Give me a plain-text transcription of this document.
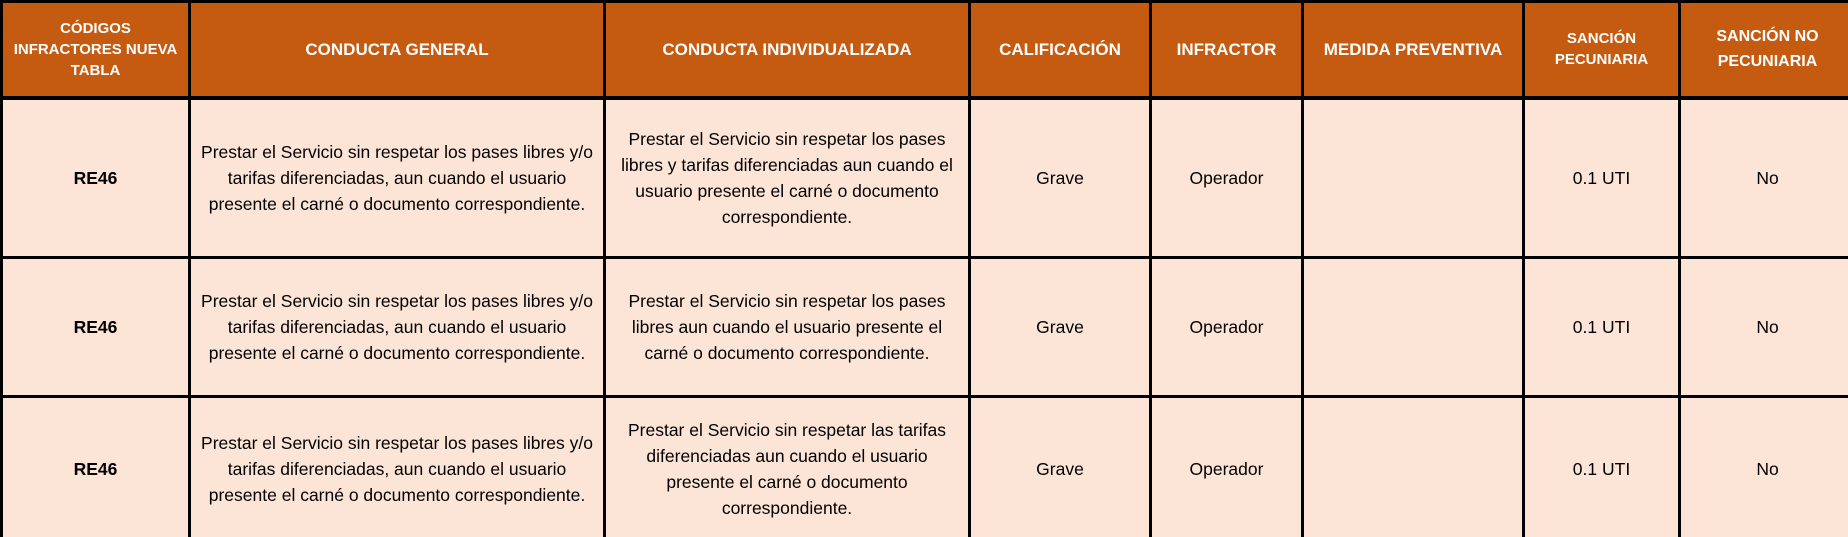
CÓDIGOS INFRACTORES NUEVA TABLA	CONDUCTA GENERAL	CONDUCTA INDIVIDUALIZADA	CALIFICACIÓN	INFRACTOR	MEDIDA PREVENTIVA	SANCIÓN PECUNIARIA	SANCIÓN NO PECUNIARIA
RE46	Prestar el Servicio sin respetar los pases libres y/o tarifas diferenciadas, aun cuando el usuario presente el carné o documento correspondiente.	Prestar el Servicio sin respetar los pases libres y tarifas diferenciadas aun cuando el usuario presente el carné o documento correspondiente.	Grave	Operador		0.1 UTI	No
RE46	Prestar el Servicio sin respetar los pases libres y/o tarifas diferenciadas, aun cuando el usuario presente el carné o documento correspondiente.	Prestar el Servicio sin respetar los pases libres aun cuando el usuario presente el carné o documento correspondiente.	Grave	Operador		0.1 UTI	No
RE46	Prestar el Servicio sin respetar los pases libres y/o tarifas diferenciadas, aun cuando el usuario presente el carné o documento correspondiente.	Prestar el Servicio sin respetar las tarifas diferenciadas aun cuando el usuario presente el carné o documento correspondiente.	Grave	Operador		0.1 UTI	No
